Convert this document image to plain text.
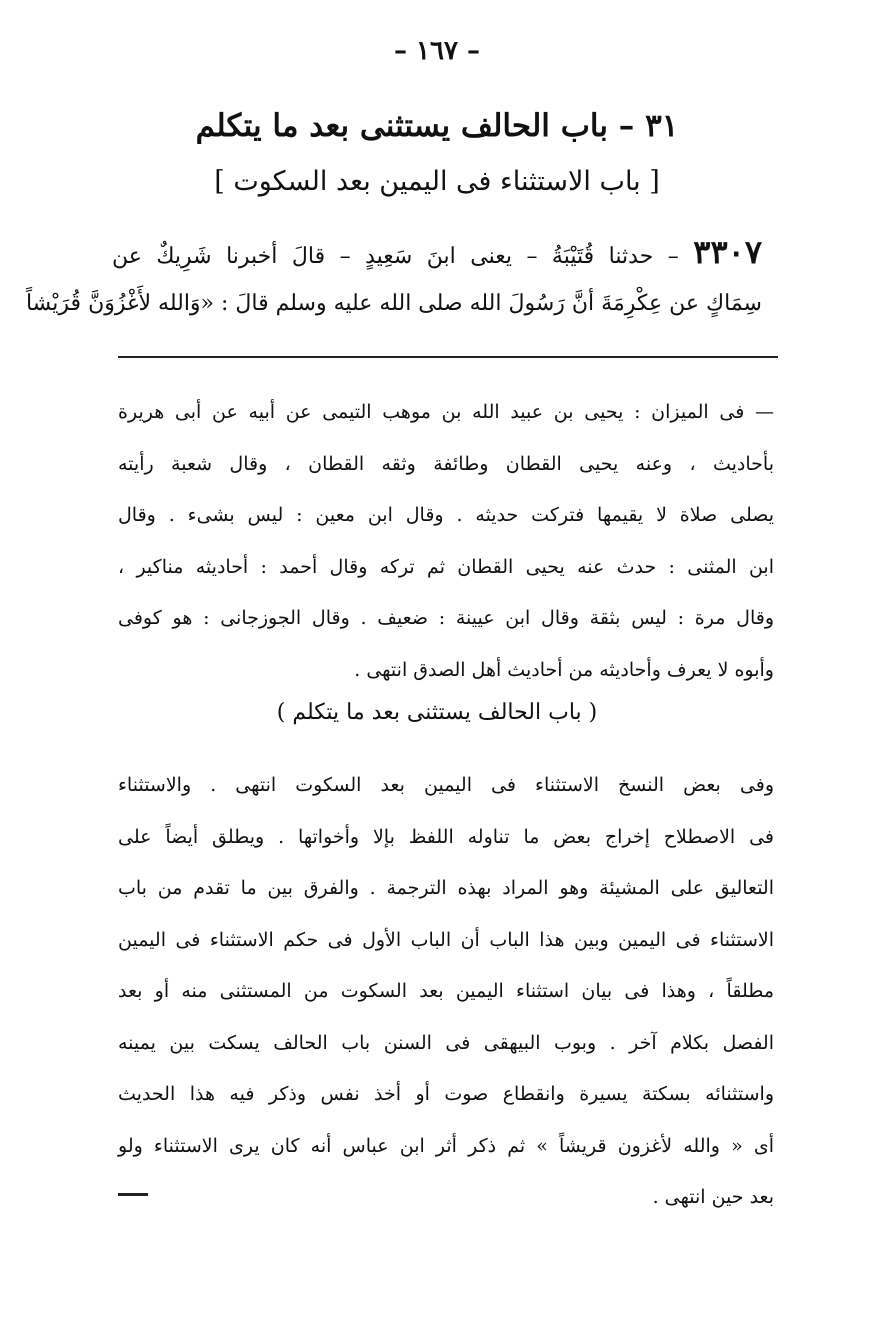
– ١٦٧ –
٣١ – باب الحالف يستثنى بعد ما يتكلم
[ باب الاستثناء فى اليمين بعد السكوت ]
٣٣٠٧ – حدثنا قُتَيْبَةُ – يعنى ابنَ سَعِيدٍ – قالَ أخبرنا شَرِيكٌ عن
سِمَاكٍ عن عِكْرِمَةَ أنَّ رَسُولَ الله صلى الله عليه وسلم قالَ : «وَالله لأَغْزُوَنَّ قُرَيْشاً
— فى الميزان : يحيى بن عبيد الله بن موهب التيمى عن أبيه عن أبى هريرة
بأحاديث ، وعنه يحيى القطان وطائفة وثقه القطان ، وقال شعبة رأيته
يصلى صلاة لا يقيمها فتركت حديثه . وقال ابن معين : ليس بشىء . وقال
ابن المثنى : حدث عنه يحيى القطان ثم تركه وقال أحمد : أحاديثه مناكير ،
وقال مرة : ليس بثقة وقال ابن عيينة : ضعيف . وقال الجوزجانى : هو كوفى
وأبوه لا يعرف وأحاديثه من أحاديث أهل الصدق انتهى .
( باب الحالف يستثنى بعد ما يتكلم )
وفى بعض النسخ الاستثناء فى اليمين بعد السكوت انتهى . والاستثناء
فى الاصطلاح إخراج بعض ما تناوله اللفظ بإلا وأخواتها . ويطلق أيضاً على
التعاليق على المشيئة وهو المراد بهذه الترجمة . والفرق بين ما تقدم من باب
الاستثناء فى اليمين وبين هذا الباب أن الباب الأول فى حكم الاستثناء فى اليمين
مطلقاً ، وهذا فى بيان استثناء اليمين بعد السكوت من المستثنى منه أو بعد
الفصل بكلام آخر . وبوب البيهقى فى السنن باب الحالف يسكت بين يمينه
واستثنائه بسكتة يسيرة وانقطاع صوت أو أخذ نفس وذكر فيه هذا الحديث
أى « والله لأغزون قريشاً » ثم ذكر أثر ابن عباس أنه كان يرى الاستثناء ولو
بعد حين انتهى .
